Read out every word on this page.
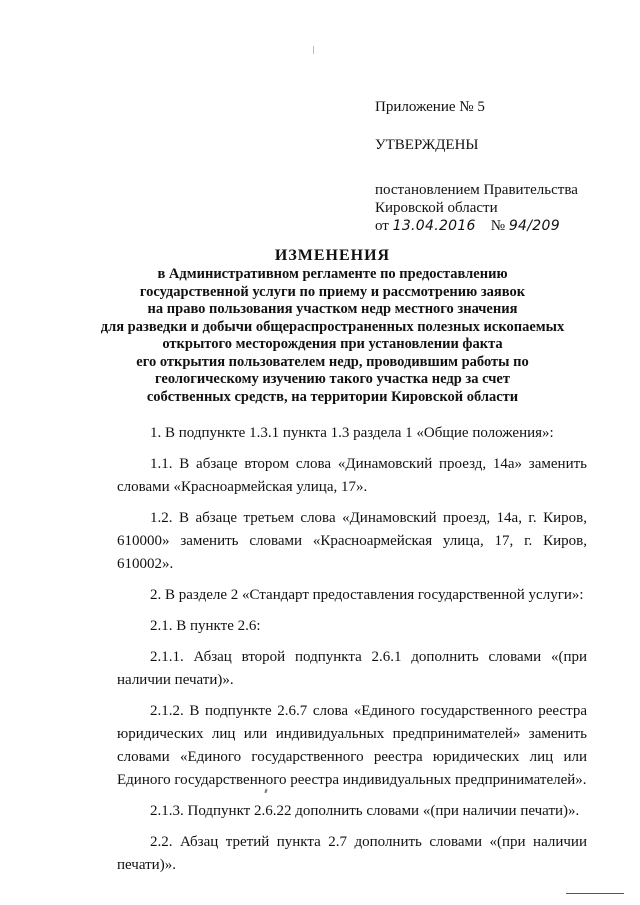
Приложение № 5
УТВЕРЖДЕНЫ
постановлением Правительства
Кировской области
от 13.04.2016 № 94/209
ИЗМЕНЕНИЯ
в Административном регламенте по предоставлению
государственной услуги по приему и рассмотрению заявок
на право пользования участком недр местного значения
для разведки и добычи общераспространенных полезных ископаемых
открытого месторождения при установлении факта
его открытия пользователем недр, проводившим работы по
геологическому изучению такого участка недр за счет
собственных средств, на территории Кировской области

1. В подпункте 1.3.1 пункта 1.3 раздела 1 «Общие положения»:

1.1. В абзаце втором слова «Динамовский проезд, 14а» заменить словами «Красноармейская улица, 17».

1.2. В абзаце третьем слова «Динамовский проезд, 14а, г. Киров, 610000» заменить словами «Красноармейская улица, 17, г. Киров, 610002».

2. В разделе 2 «Стандарт предоставления государственной услуги»:

2.1. В пункте 2.6:

2.1.1. Абзац второй подпункта 2.6.1 дополнить словами «(при наличии печати)».

2.1.2. В подпункте 2.6.7 слова «Единого государственного реестра юридических лиц или индивидуальных предпринимателей» заменить словами «Единого государственного реестра юридических лиц или Единого государственного реестра индивидуальных предпринимателей».

2.1.3. Подпункт 2.6.22 дополнить словами «(при наличии печати)».

2.2. Абзац третий пункта 2.7 дополнить словами «(при наличии печати)».
